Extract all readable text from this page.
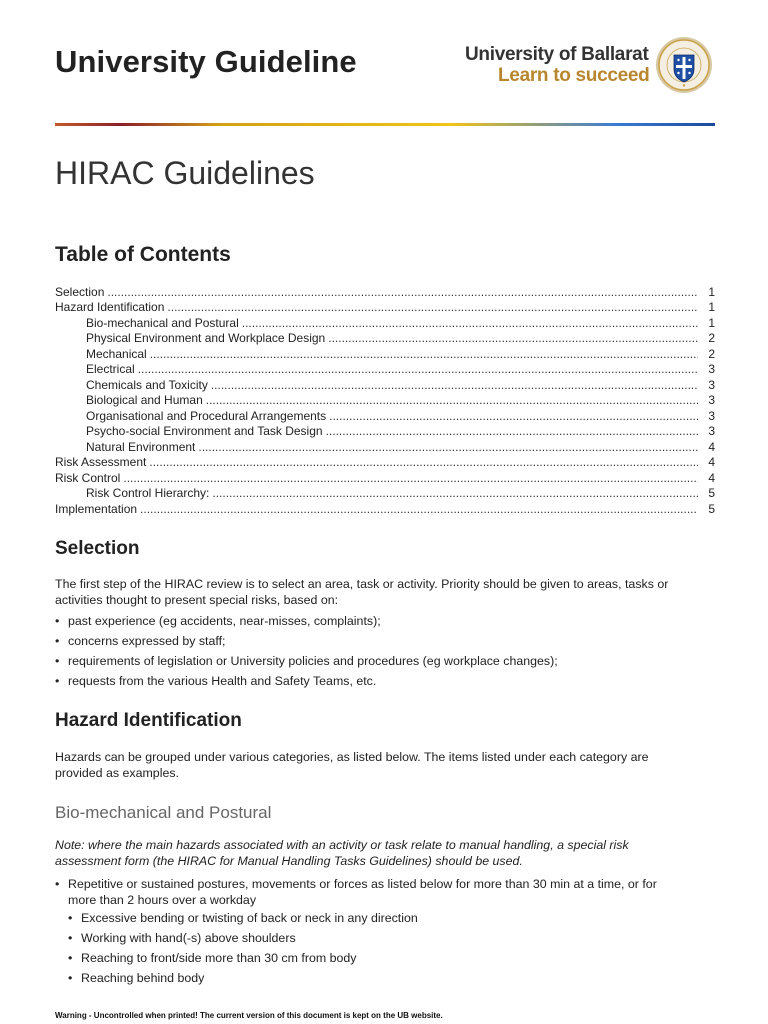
University Guideline	University of Ballarat
Learn to succeed
HIRAC Guidelines
Table of Contents
Selection .....	1
Hazard Identification .....	1
Bio-mechanical and Postural .....	1
Physical Environment and Workplace Design .....	2
Mechanical .....	2
Electrical .....	3
Chemicals and Toxicity .....	3
Biological and Human .....	3
Organisational and Procedural Arrangements .....	3
Psycho-social Environment and Task Design .....	3
Natural Environment .....	4
Risk Assessment .....	4
Risk Control .....	4
Risk Control Hierarchy: .....	5
Implementation .....	5
Selection
The first step of the HIRAC review is to select an area, task or activity. Priority should be given to areas, tasks or
activities thought to present special risks, based on:
• past experience (eg accidents, near-misses, complaints);
• concerns expressed by staff;
• requirements of legislation or University policies and procedures (eg workplace changes);
• requests from the various Health and Safety Teams, etc.
Hazard Identification
Hazards can be grouped under various categories, as listed below. The items listed under each category are
provided as examples.
Bio-mechanical and Postural
Note: where the main hazards associated with an activity or task relate to manual handling, a special risk
assessment form (the HIRAC for Manual Handling Tasks Guidelines) should be used.
• Repetitive or sustained postures, movements or forces as listed below for more than 30 min at a time, or for
more than 2 hours over a workday
• Excessive bending or twisting of back or neck in any direction
• Working with hand(-s) above shoulders
• Reaching to front/side more than 30 cm from body
• Reaching behind body
Warning - Uncontrolled when printed! The current version of this document is kept on the UB website.
